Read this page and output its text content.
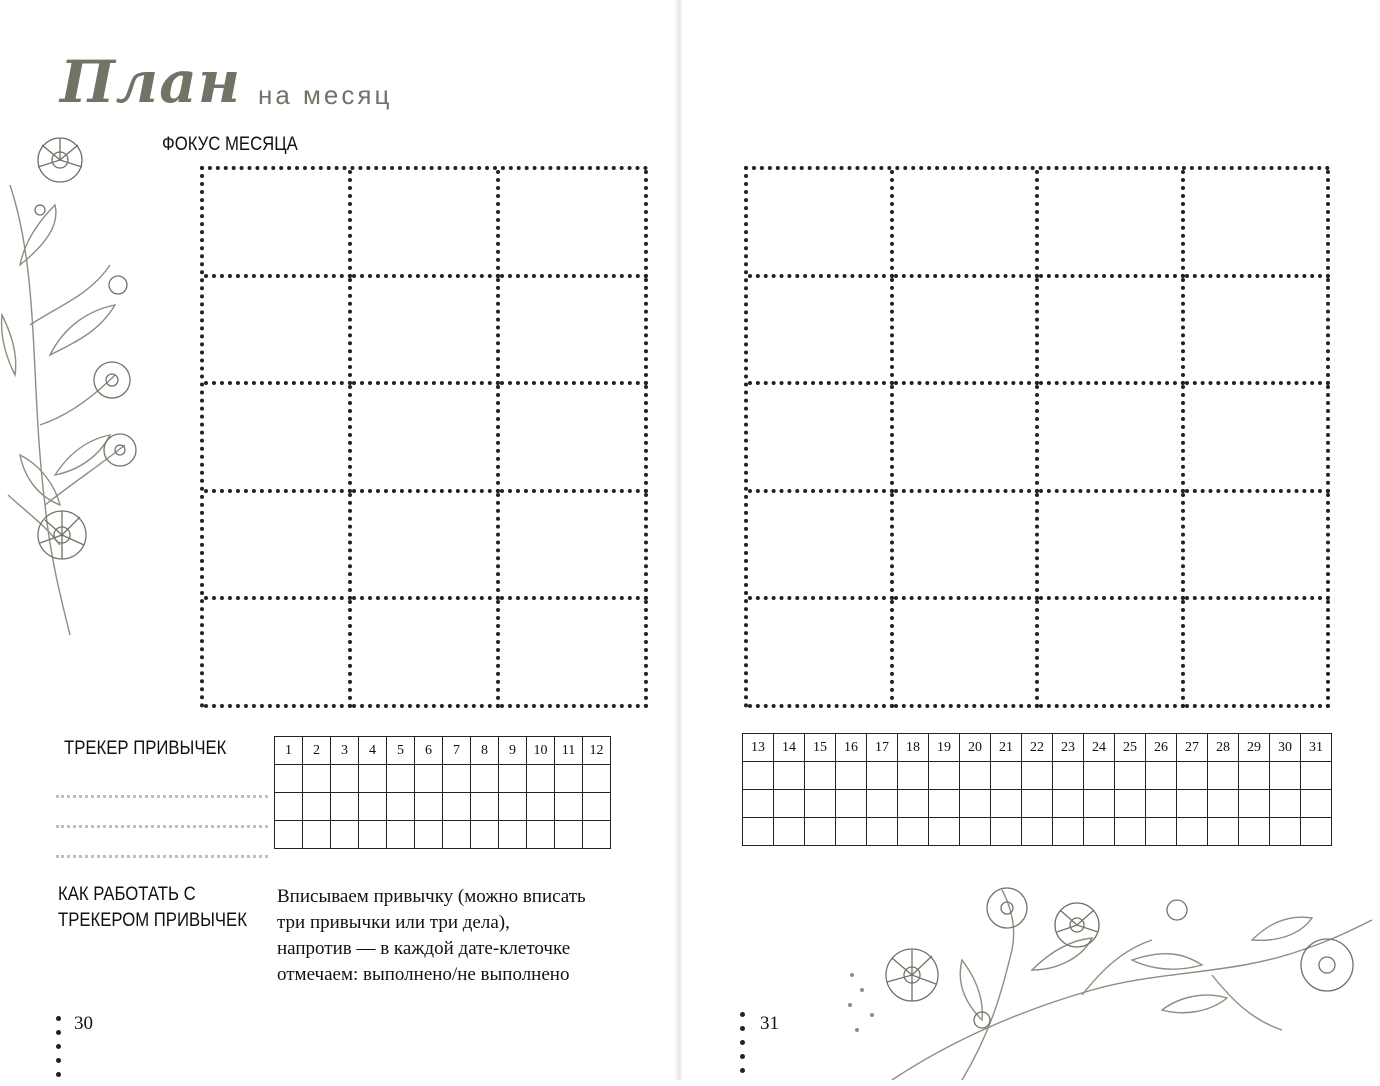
План на месяц
ФОКУС МЕСЯЦА
ТРЕКЕР ПРИВЫЧЕК	1	2	3	4	5	6	7	8	9	10	11	12

КАК РАБОТАТЬ С
ТРЕКЕРОМ ПРИВЫЧЕК
Вписываем привычку (можно вписать
три привычки или три дела),
напротив — в каждой дате-клеточке
отмечаем: выполнено/не выполнено
30
13	14	15	16	17	18	19	20	21	22	23	24	25	26	27	28	29	30	31

31
